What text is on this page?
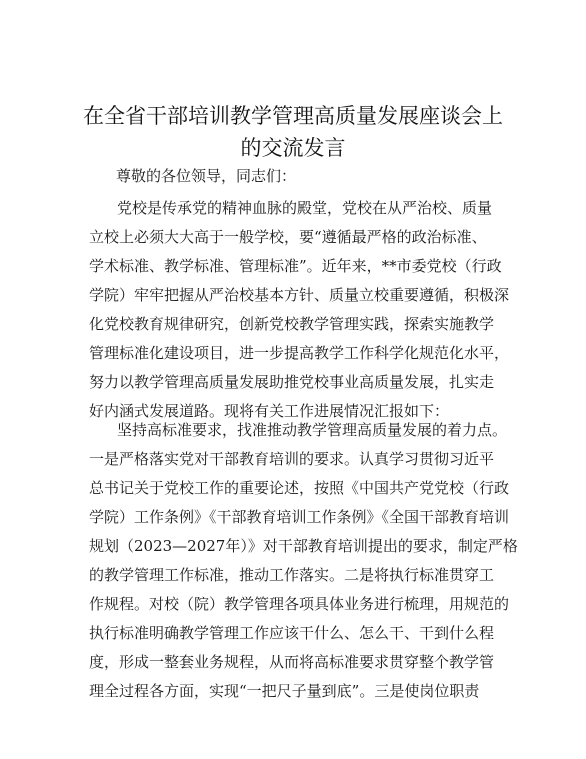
在全省干部培训教学管理高质量发展座谈会上
的交流发言
尊敬的各位领导，同志们：
党校是传承党的精神血脉的殿堂，党校在从严治校、质量
立校上必须大大高于一般学校，要“遵循最严格的政治标准、
学术标准、教学标准、管理标准”。近年来，**市委党校（行政
学院）牢牢把握从严治校基本方针、质量立校重要遵循，积极深
化党校教育规律研究，创新党校教学管理实践，探索实施教学
管理标准化建设项目，进一步提高教学工作科学化规范化水平，
努力以教学管理高质量发展助推党校事业高质量发展，扎实走
好内涵式发展道路。现将有关工作进展情况汇报如下：
坚持高标准要求，找准推动教学管理高质量发展的着力点。
一是严格落实党对干部教育培训的要求。认真学习贯彻习近平
总书记关于党校工作的重要论述，按照《中国共产党党校（行政
学院）工作条例》《干部教育培训工作条例》《全国干部教育培训
规划（2023—2027年）》对干部教育培训提出的要求，制定严格
的教学管理工作标准，推动工作落实。二是将执行标准贯穿工
作规程。对校（院）教学管理各项具体业务进行梳理，用规范的
执行标准明确教学管理工作应该干什么、怎么干、干到什么程
度，形成一整套业务规程，从而将高标准要求贯穿整个教学管
理全过程各方面，实现“一把尺子量到底”。三是使岗位职责
